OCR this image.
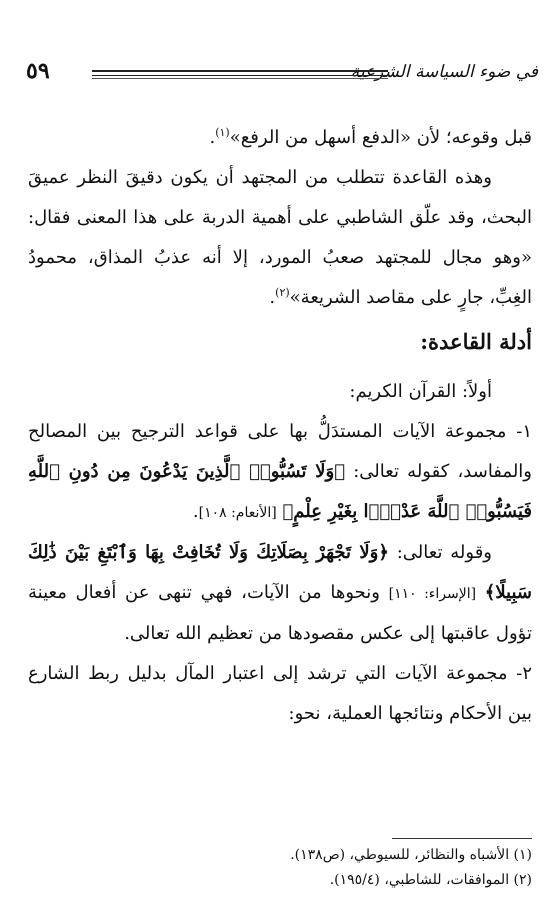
في ضوء السياسة الشرعية
٥٩

قبل وقوعه؛ لأن «الدفع أسهل من الرفع»$^{(١)}$.

وهذه القاعدة تتطلب من المجتهد أن يكون دقيقَ النظر عميقَ البحث، وقد علّق الشاطبي على أهمية الدربة على هذا المعنى فقال: «وهو مجال للمجتهد صعبُ المورد، إلا أنه عذبُ المذاق، محمودُ الغِبِّ، جارٍ على مقاصد الشريعة»$^{(٢)}$.

أدلة القاعدة:

أولاً: القرآن الكريم:

١- مجموعة الآيات المستدَلُّ بها على قواعد الترجيح بين المصالح والمفاسد، كقوله تعالى: ﴿وَلَا تَسُبُّوا۟ ٱلَّذِينَ يَدْعُونَ مِن دُونِ ٱللَّهِ فَيَسُبُّوا۟ ٱللَّهَ عَدْوًۢا بِغَيْرِ عِلْمٍ﴾ [الأنعام: ١٠٨].

وقوله تعالى: ﴿وَلَا تَجْهَرْ بِصَلَاتِكَ وَلَا تُخَافِتْ بِهَا وَٱبْتَغِ بَيْنَ ذَٰلِكَ سَبِيلًا﴾ [الإسراء: ١١٠] ونحوها من الآيات، فهي تنهى عن أفعال معينة تؤول عاقبتها إلى عكس مقصودها من تعظيم الله تعالى.

٢- مجموعة الآيات التي ترشد إلى اعتبار المآل بدليل ربط الشارع بين الأحكام ونتائجها العملية، نحو:

(١) الأشباه والنظائر، للسيوطي، (ص١٣٨).

(٢) الموافقات، للشاطبي، (١٩٥/٤).
